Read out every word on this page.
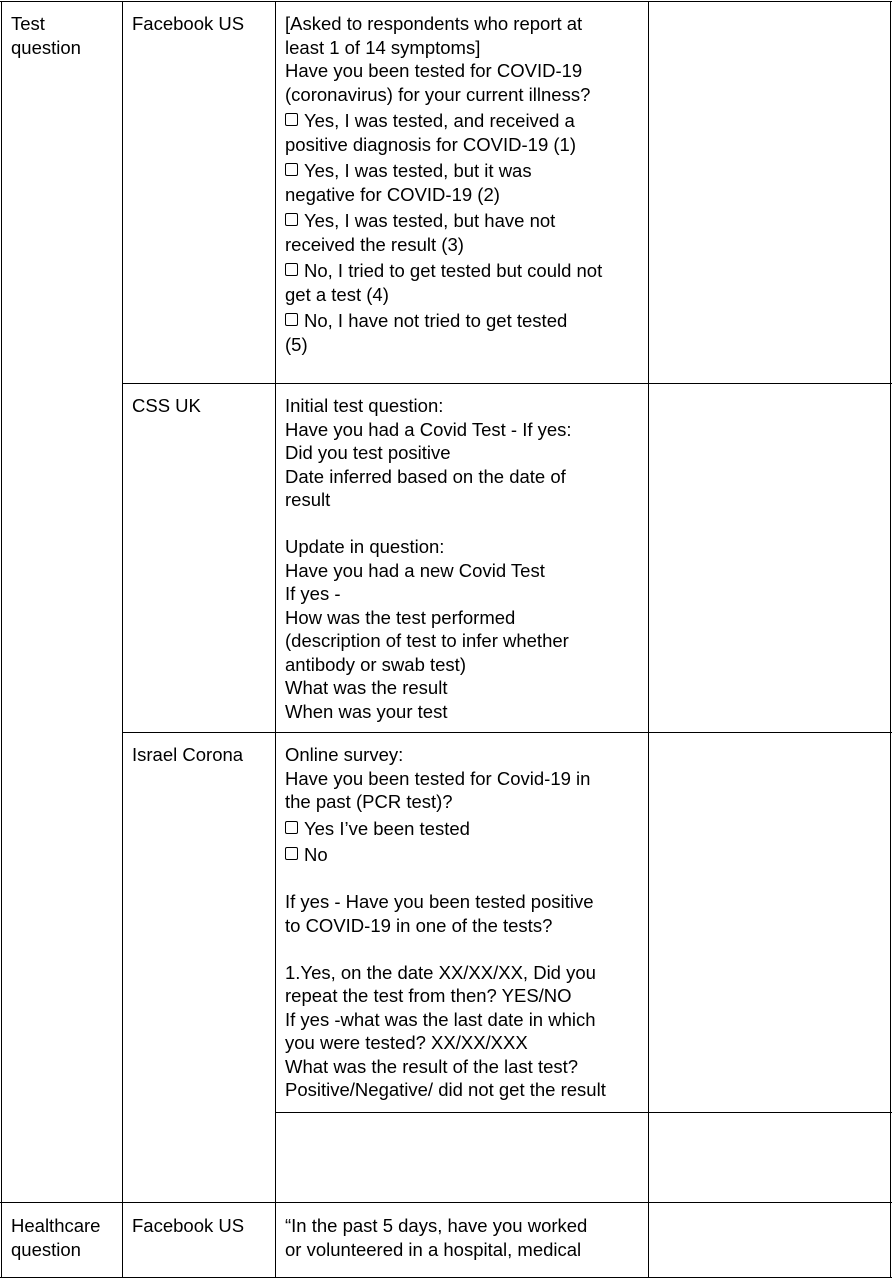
Test
question
Facebook US [Asked to respondents who report at
least 1 of 14 symptoms]
Have you been tested for COVID-19
(coronavirus) for your current illness?
Yes, I was tested, and received a
positive diagnosis for COVID-19 (1)
Yes, I was tested, but it was
negative for COVID-19 (2)
Yes, I was tested, but have not
received the result (3)
No, I tried to get tested but could not
get a test (4)
No, I have not tried to get tested
(5)
CSS UK	Initial test question:
Have you had a Covid Test - If yes:
Did you test positive
Date inferred based on the date of
result
Update in question:
Have you had a new Covid Test
If yes -
How was the test performed
(description of test to infer whether
antibody or swab test)
What was the result
When was your test
Israel Corona Online survey:
Have you been tested for Covid-19 in
the past (PCR test)?
Yes I’ve been tested
No
If yes - Have you been tested positive
to COVID-19 in one of the tests?
1.Yes, on the date XX/XX/XX, Did you
repeat the test from then? YES/NO
If yes -what was the last date in which
you were tested? XX/XX/XXX
What was the result of the last test?
Positive/Negative/ did not get the result
Healthcare
question
Facebook US “In the past 5 days, have you worked
or volunteered in a hospital, medical
